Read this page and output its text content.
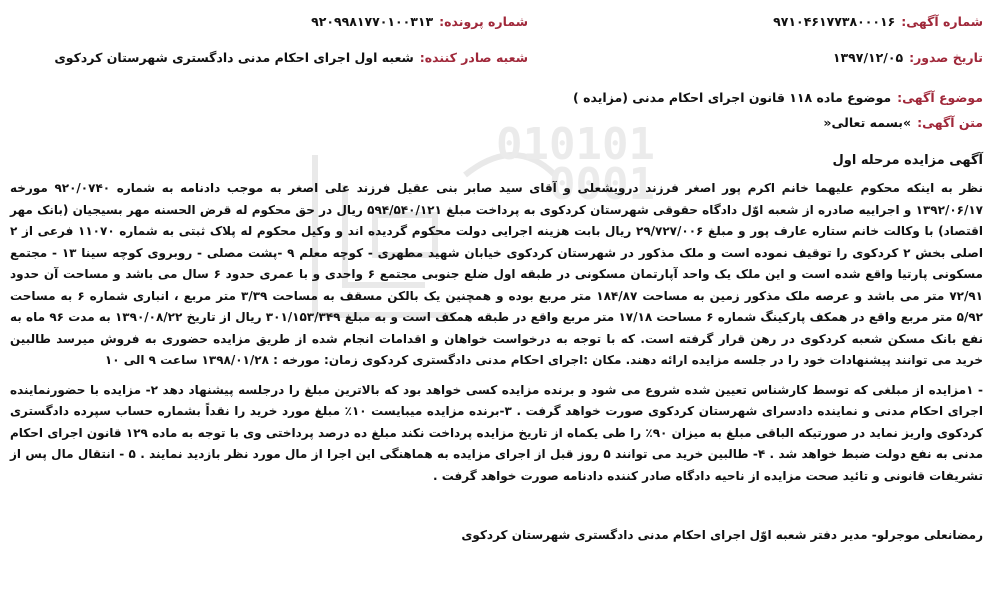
010101
0001
شماره آگهی:۹۷۱۰۴۶۱۷۷۳۸۰۰۰۱۶
شماره پرونده:۹۲۰۹۹۸۱۷۷۰۱۰۰۳۱۳
تاریخ صدور:۱۳۹۷/۱۲/۰۵
شعبه صادر کننده:شعبه اول اجرای احکام مدنی دادگستری شهرستان کردکوی
موضوع آگهی:موضوع ماده ۱۱۸ قانون اجرای احکام مدنی (مزایده )
متن آگهی:»بسمه تعالی«
آگهی مزایده مرحله اول

نظر به اینکه محکوم علیهما خانم اکرم پور اصغر فرزند درویشعلی و آقای سید صابر بنی عقیل فرزند علی اصغر به موجب دادنامه به شماره ۹۲۰/۰۷۴۰ مورخه ۱۳۹۲/۰۶/۱۷ و اجراییه صادره از شعبه اوّل دادگاه حقوقی شهرستان کردکوی به پرداخت مبلغ ۵۹۴/۵۴۰/۱۲۱ ریال در حق محکوم له قرض الحسنه مهر بسیجیان (بانک مهر اقتصاد) با وکالت خانم ستاره عارف پور و مبلغ ۲۹/۷۲۷/۰۰۶ ریال بابت هزینه اجرایی دولت محکوم گردیده اند و وکیل محکوم له پلاک ثبتی به شماره ۱۱۰۷۰ فرعی از ۲ اصلی بخش ۲ کردکوی را توقیف نموده است و ملک مذکور در شهرستان کردکوی خیابان شهید مطهری - کوچه معلم ۹ -پشت مصلی - روبروی کوچه سینا ۱۳ - مجتمع مسکونی پارتیا واقع شده است و این ملک یک واحد آپارتمان مسکونی در طبقه اول ضلع جنوبی مجتمع ۶ واحدی و با عمری حدود ۶ سال می باشد و مساحت آن حدود ۷۲/۹۱ متر می باشد و عرصه ملک مذکور زمین به مساحت ۱۸۴/۸۷ متر مربع بوده و همچنین یک بالکن مسقف به مساحت ۳/۳۹ متر مربع ، انباری شماره ۶ به مساحت ۵/۹۲ متر مربع واقع در همکف پارکینگ شماره ۶ مساحت ۱۷/۱۸ متر مربع واقع در طبقه همکف است و به مبلغ ۳۰۱/۱۵۳/۳۴۹ ریال از تاریخ ۱۳۹۰/۰۸/۲۲ به مدت ۹۶ ماه به نفع بانک مسکن شعبه کردکوی در رهن قرار گرفته است. که با توجه به درخواست خواهان و اقدامات انجام شده از طریق مزایده حضوری به فروش میرسد طالبین خرید می توانند پیشنهادات خود را در جلسه مزایده ارائه دهند. مکان :اجرای احکام مدنی دادگستری کردکوی زمان: مورخه : ۱۳۹۸/۰۱/۲۸ ساعت ۹ الی ۱۰

- ۱مزایده از مبلغی که توسط کارشناس تعیین شده شروع می شود و برنده مزایده کسی خواهد بود که بالاترین مبلغ را درجلسه پیشنهاد دهد ۲- مزایده با حضورنماینده اجرای احکام مدنی و نماینده دادسرای شهرستان کردکوی صورت خواهد گرفت . ۳-برنده مزایده میبایست ۱۰٪ مبلغ مورد خرید را نقداً بشماره حساب سپرده دادگستری کردکوی واریز نماید در صورتیکه الباقی مبلغ به میزان ۹۰٪ را طی یکماه از تاریخ مزایده پرداخت نکند مبلغ ده درصد پرداختی وی با توجه به ماده ۱۲۹ قانون اجرای احکام مدنی به نفع دولت ضبط خواهد شد . ۴- طالبین خرید می توانند ۵ روز قبل از اجرای مزایده به هماهنگی این اجرا از مال مورد نظر بازدید نمایند . ۵ - انتقال مال پس از تشریفات قانونی و تائید صحت مزایده از ناحیه دادگاه صادر کننده دادنامه صورت خواهد گرفت .

رمضانعلی موجرلو- مدیر دفتر شعبه اوّل اجرای احکام مدنی دادگستری شهرستان کردکوی
